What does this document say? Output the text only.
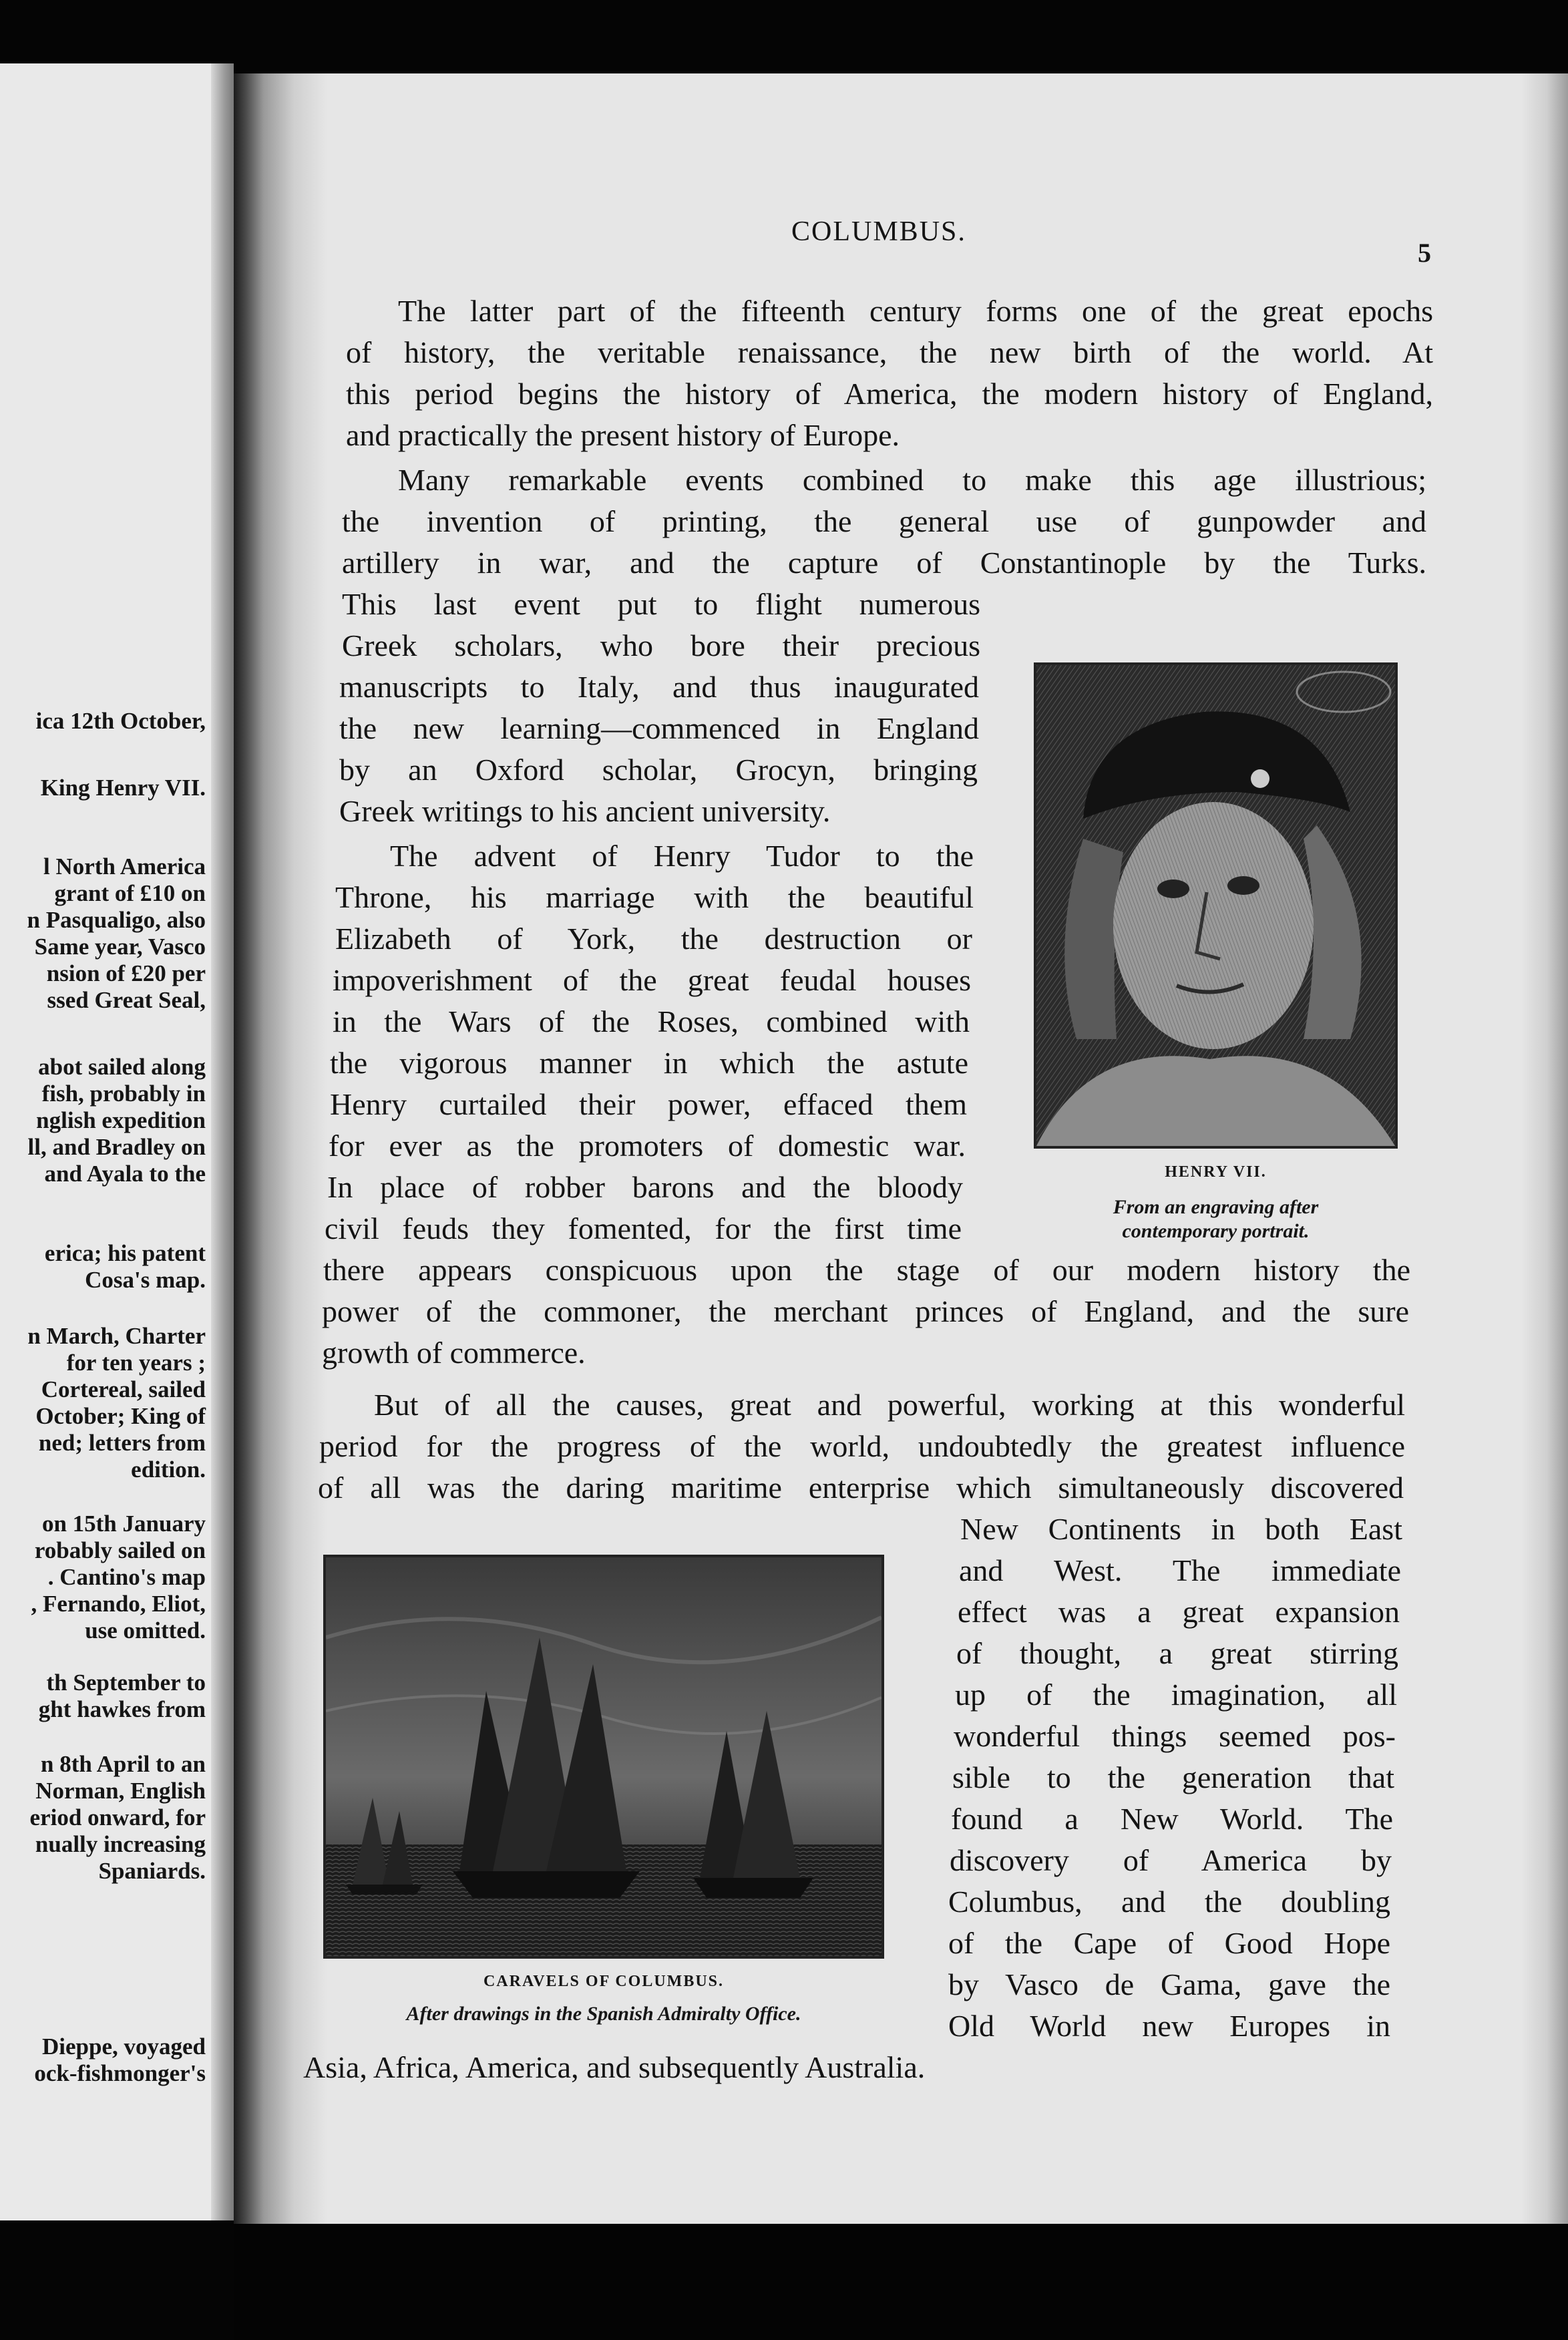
ica 12th October,
King Henry VII.
l North America
grant of £10 on
n Pasqualigo, also
Same year, Vasco
nsion of £20 per
ssed Great Seal,
abot sailed along
fish, probably in
nglish expedition
ll, and Bradley on
and Ayala to the
erica; his patent
Cosa's map.
n March, Charter
for ten years ;
Cortereal, sailed
October; King of
ned; letters from
edition.
on 15th January
robably sailed on
. Cantino's map
, Fernando, Eliot,
use omitted.
th September to
ght hawkes from
n 8th April to an
Norman, English
eriod onward, for
nually increasing
Spaniards.
Dieppe, voyaged
ock-fishmonger's
COLUMBUS.
5
The latter part of the fifteenth century forms one of the great epochs
of history, the veritable renaissance, the new birth of the world. At
this period begins the history of America, the modern history of England,
and practically the present history of Europe.
Many remarkable events combined to make this age illustrious;
the invention of printing, the general use of gunpowder and
artillery in war, and the capture of Constantinople by the Turks.
This last event put to flight numerous
Greek scholars, who bore their precious
manuscripts to Italy, and thus inaugurated
the new learning—commenced in England
by an Oxford scholar, Grocyn, bringing
Greek writings to his ancient university.
The advent of Henry Tudor to the
Throne, his marriage with the beautiful
Elizabeth of York, the destruction or
impoverishment of the great feudal houses
in the Wars of the Roses, combined with
the vigorous manner in which the astute
Henry curtailed their power, effaced them
for ever as the promoters of domestic war.
In place of robber barons and the bloody
civil feuds they fomented, for the first time
there appears conspicuous upon the stage of our modern history the
power of the commoner, the merchant princes of England, and the sure
growth of commerce.
But of all the causes, great and powerful, working at this wonderful
period for the progress of the world, undoubtedly the greatest influence
of all was the daring maritime enterprise which simultaneously discovered
New Continents in both East
and West. The immediate
effect was a great expansion
of thought, a great stirring
up of the imagination, all
wonderful things seemed pos-
sible to the generation that
found a New World. The
discovery of America by
Columbus, and the doubling
of the Cape of Good Hope
by Vasco de Gama, gave the
Old World new Europes in
Asia, Africa, America, and subsequently Australia.
HENRY VII.
From an engraving after
contemporary portrait.
CARAVELS OF COLUMBUS.
After drawings in the Spanish Admiralty Office.
